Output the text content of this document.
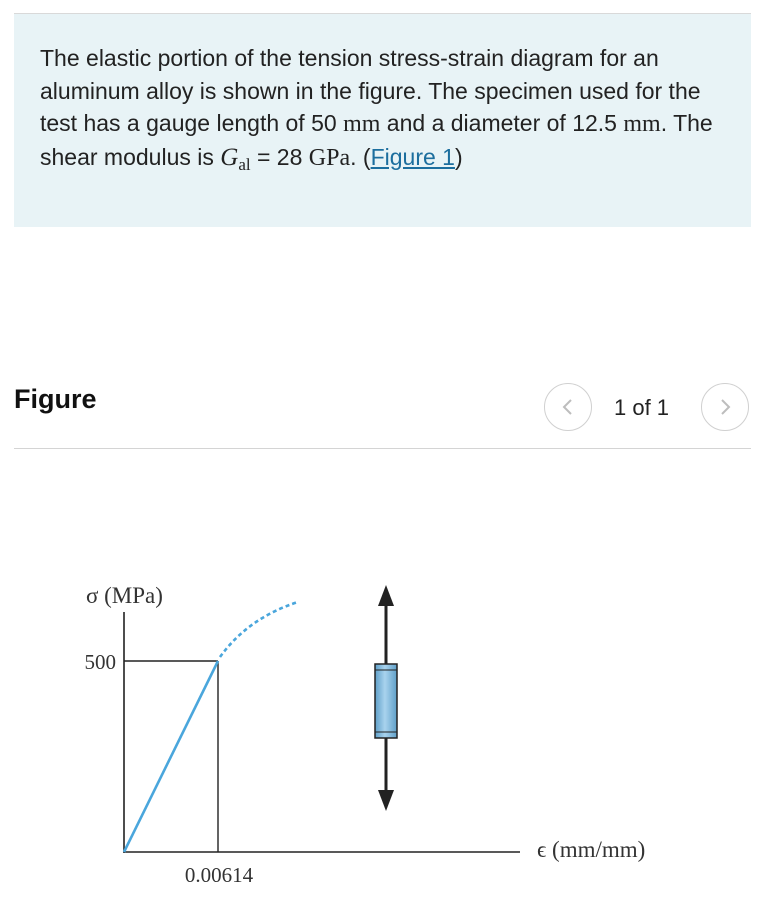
The elastic portion of the tension stress-strain diagram for an aluminum alloy is shown in the figure. The specimen used for the test has a gauge length of 50 mm and a diameter of 12.5 mm. The shear modulus is $G_{al} = 28$ GPa. (Figure 1)

Figure	1 of 1
500
0.00614
σ (MPa)
ϵ (mm/mm)
